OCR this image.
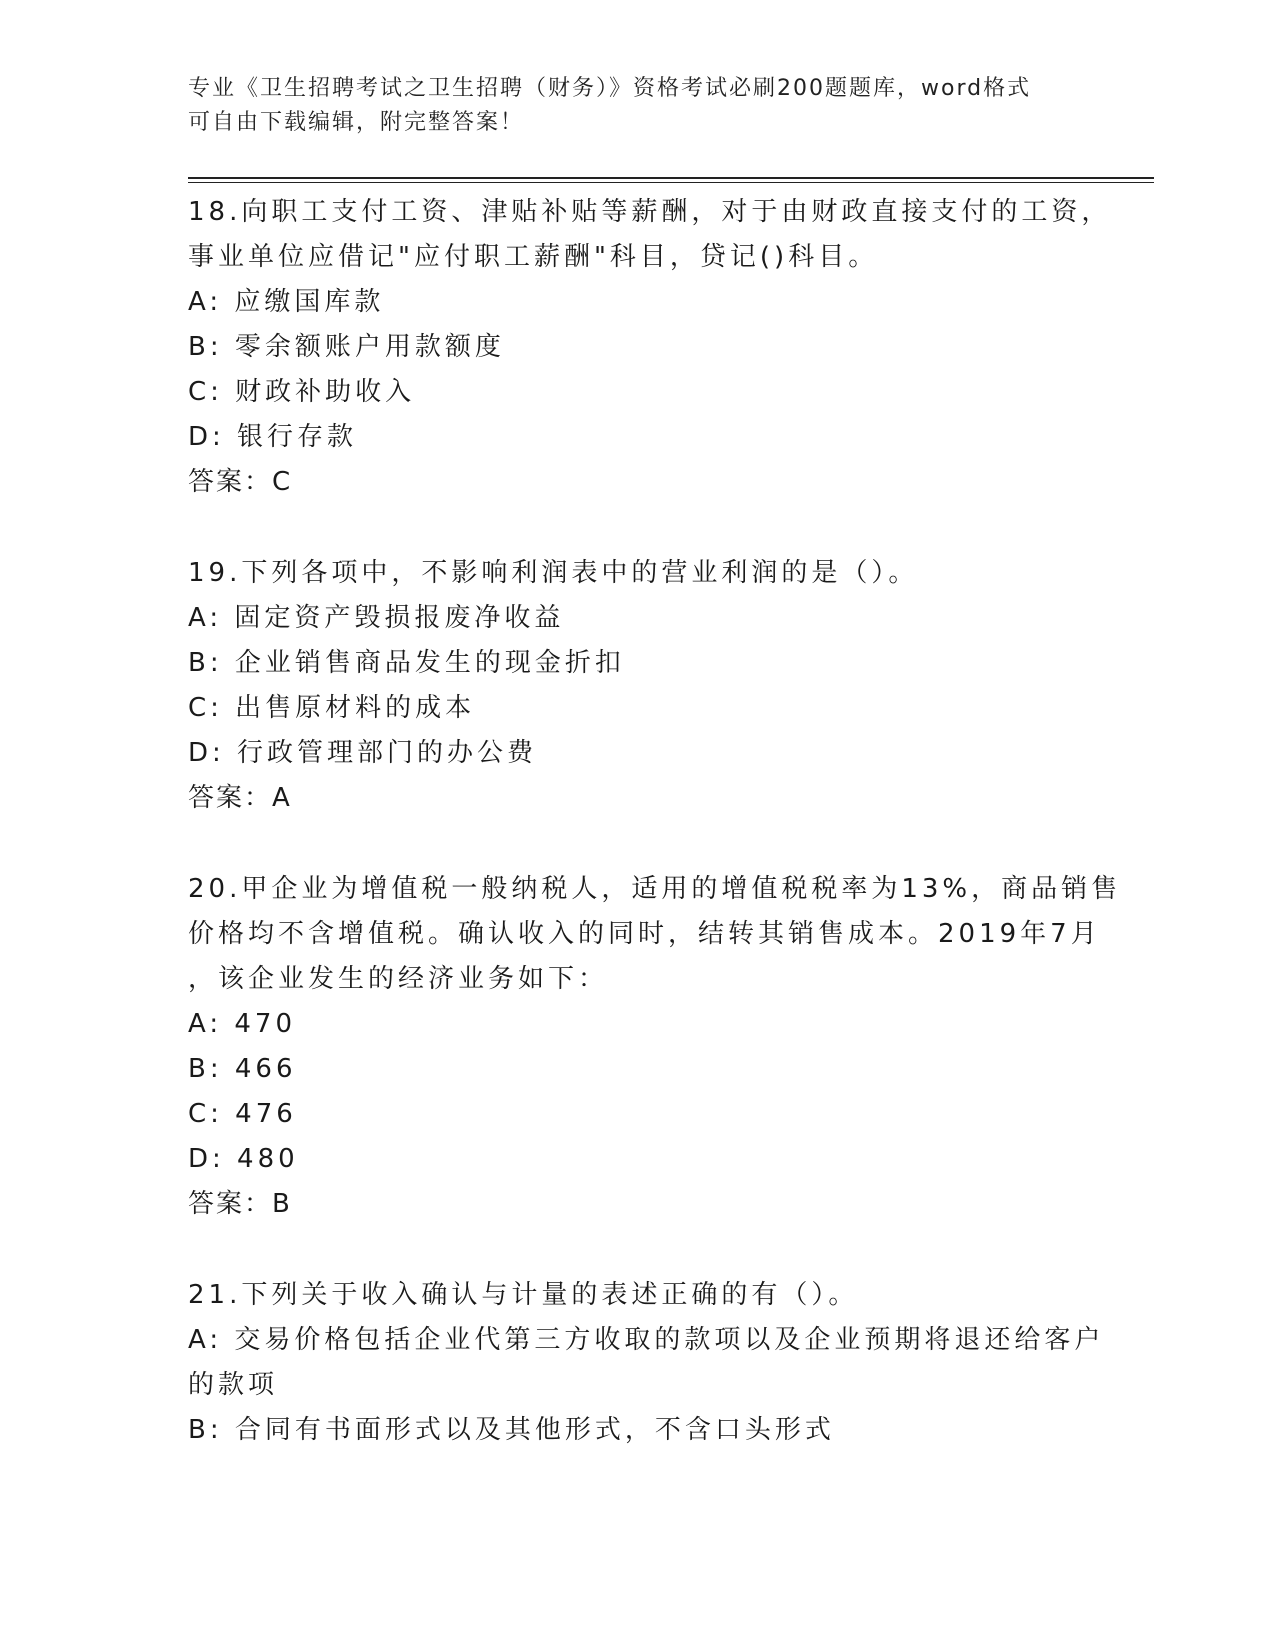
专业《卫生招聘考试之卫生招聘（财务）》资格考试必刷200题题库，word格式
可自由下载编辑，附完整答案！
18.向职工支付工资、津贴补贴等薪酬，对于由财政直接支付的工资，
事业单位应借记"应付职工薪酬"科目，贷记()科目。
A: 应缴国库款
B: 零余额账户用款额度
C: 财政补助收入
D: 银行存款
答案：C
19.下列各项中，不影响利润表中的营业利润的是（）。
A: 固定资产毁损报废净收益
B: 企业销售商品发生的现金折扣
C: 出售原材料的成本
D: 行政管理部门的办公费
答案：A
20.甲企业为增值税一般纳税人，适用的增值税税率为13%，商品销售
价格均不含增值税。确认收入的同时，结转其销售成本。2019年7月
，该企业发生的经济业务如下：
A: 470
B: 466
C: 476
D: 480
答案：B
21.下列关于收入确认与计量的表述正确的有（）。
A: 交易价格包括企业代第三方收取的款项以及企业预期将退还给客户
的款项
B: 合同有书面形式以及其他形式，不含口头形式
